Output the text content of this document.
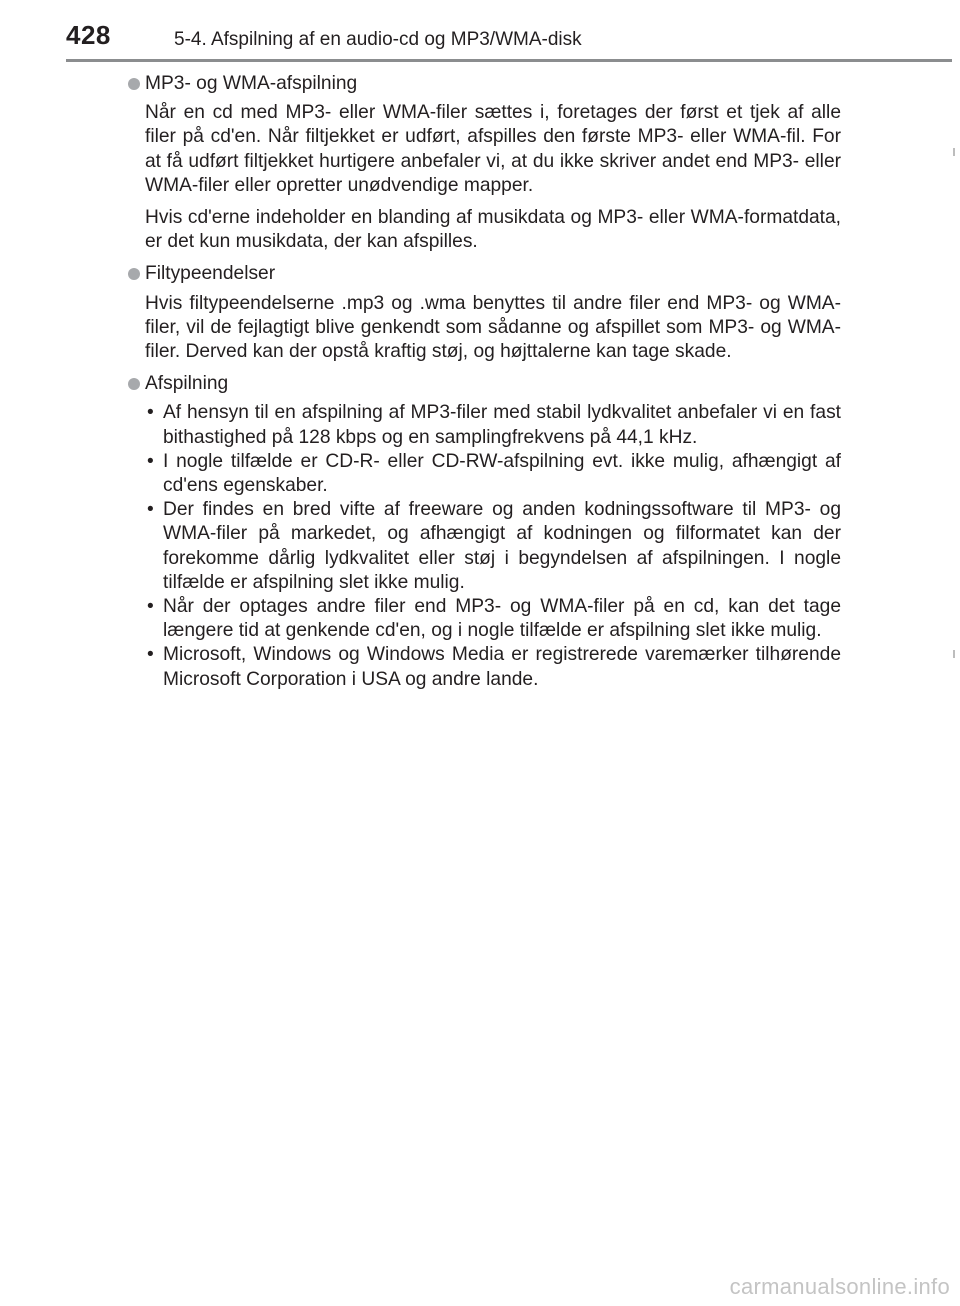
428	5-4. Afspilning af en audio-cd og MP3/WMA-disk
MP3- og WMA-afspilning

Når en cd med MP3- eller WMA-filer sættes i, foretages der først et tjek af alle filer på cd'en. Når filtjekket er udført, afspilles den første MP3- eller WMA-fil. For at få udført filtjekket hurtigere anbefaler vi, at du ikke skriver andet end MP3- eller WMA-filer eller opretter unødvendige mapper.

Hvis cd'erne indeholder en blanding af musikdata og MP3- eller WMA-formatdata, er det kun musikdata, der kan afspilles.

Filtypeendelser

Hvis filtypeendelserne .mp3 og .wma benyttes til andre filer end MP3- og WMA-filer, vil de fejlagtigt blive genkendt som sådanne og afspillet som MP3- og WMA-filer. Derved kan der opstå kraftig støj, og højttalerne kan tage skade.

Afspilning
• Af hensyn til en afspilning af MP3-filer med stabil lydkvalitet anbefaler vi en fast bithastighed på 128 kbps og en samplingfrekvens på 44,1 kHz.
• I nogle tilfælde er CD-R- eller CD-RW-afspilning evt. ikke mulig, afhængigt af cd'ens egenskaber.
• Der findes en bred vifte af freeware og anden kodningssoftware til MP3- og WMA-filer på markedet, og afhængigt af kodningen og filformatet kan der forekomme dårlig lydkvalitet eller støj i begyndelsen af afspilningen. I nogle tilfælde er afspilning slet ikke mulig.
• Når der optages andre filer end MP3- og WMA-filer på en cd, kan det tage længere tid at genkende cd'en, og i nogle tilfælde er afspilning slet ikke mulig.
• Microsoft, Windows og Windows Media er registrerede varemærker tilhørende Microsoft Corporation i USA og andre lande.
carmanualsonline.info
